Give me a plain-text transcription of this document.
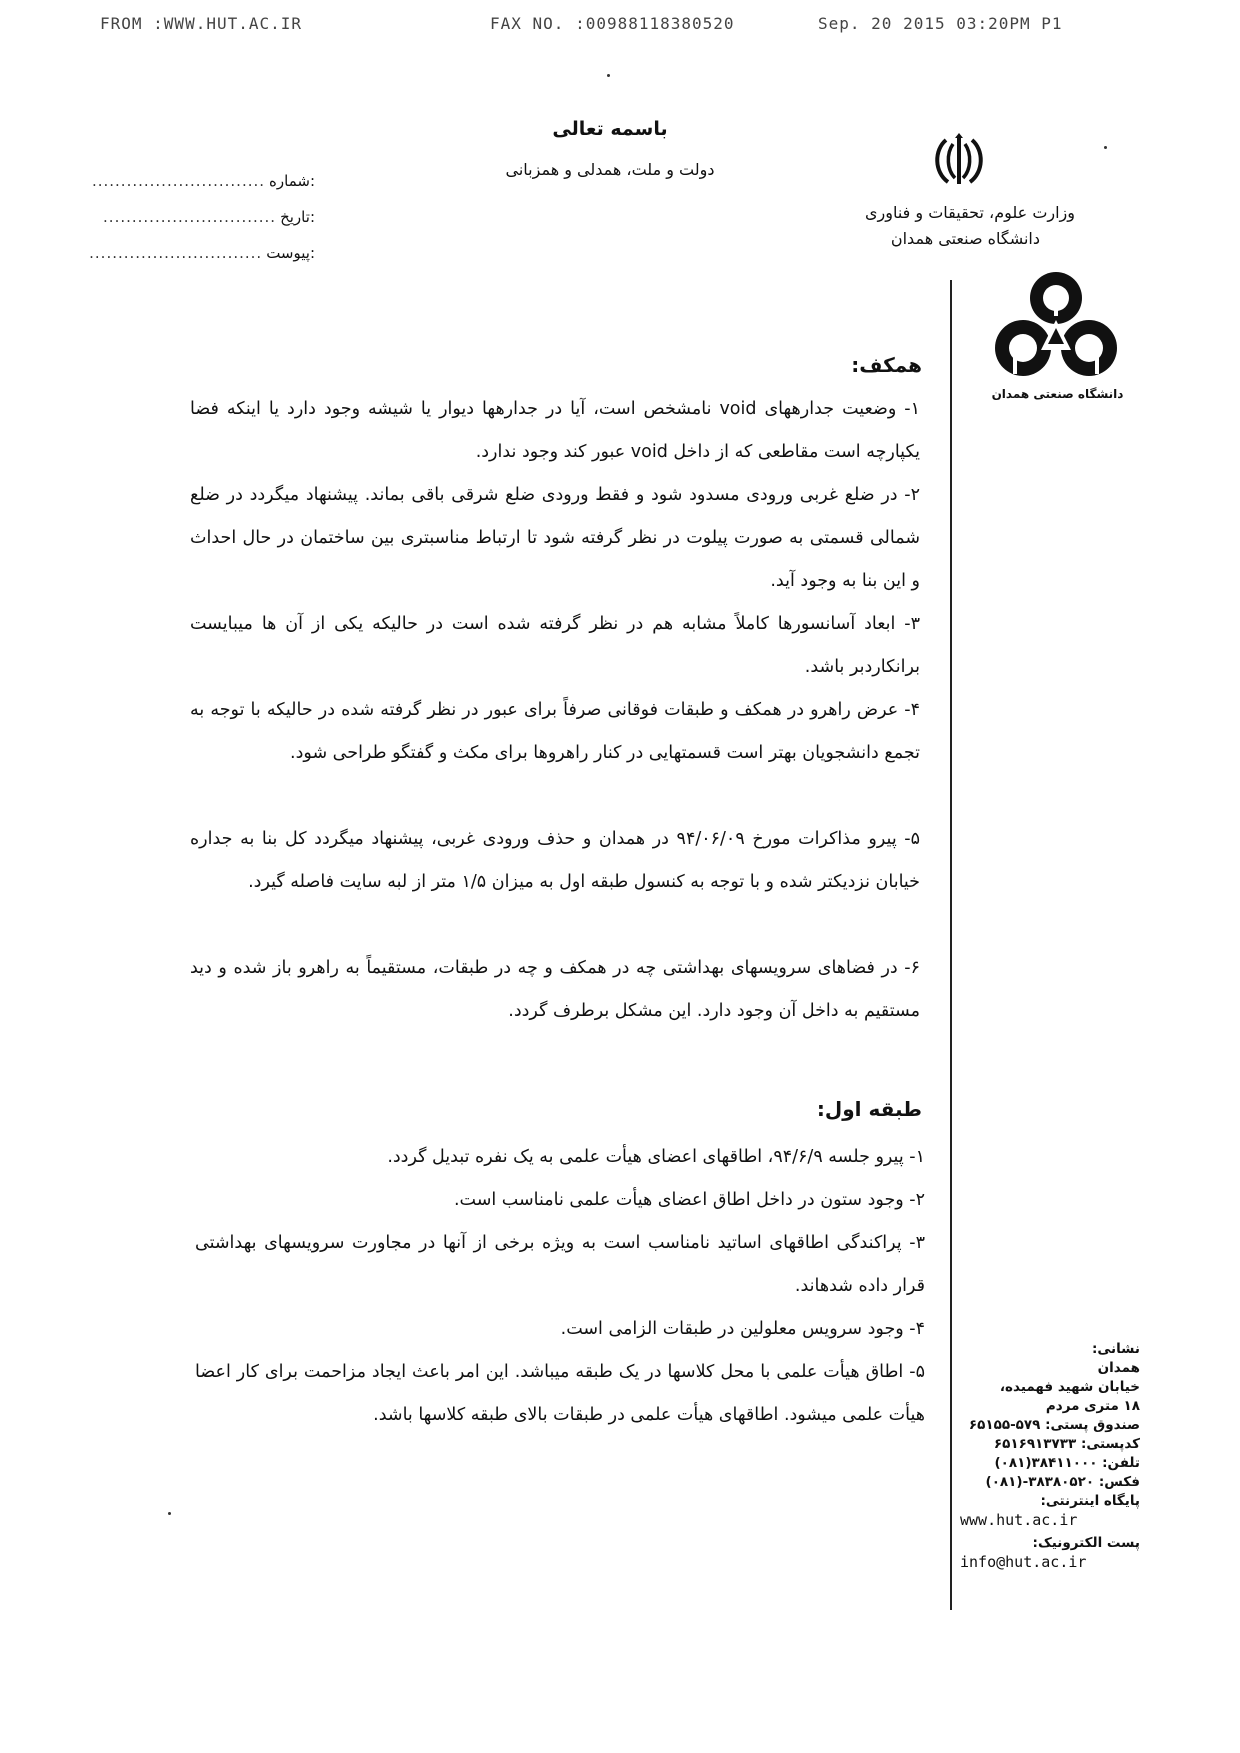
FROM :WWW.HUT.AC.IR	FAX NO. :00988118380520	Sep. 20 2015 03:20PM P1
باسمه تعالی
دولت و ملت، همدلی و همزبانی
وزارت علوم، تحقیقات و فناوری
دانشگاه صنعتی همدان
شماره:
..............................
تاریخ:
..............................
پیوست:
..............................
دانشگاه صنعتی همدان
همکف:
۱- وضعیت جدارههای void نامشخص است، آیا در جدارهها دیوار یا شیشه وجود دارد یا اینکه فضا یکپارچه است مقاطعی که از داخل void عبور کند وجود ندارد.
۲- در ضلع غربی ورودی مسدود شود و فقط ورودی ضلع شرقی باقی بماند. پیشنهاد میگردد در ضلع شمالی قسمتی به صورت پیلوت در نظر گرفته شود تا ارتباط مناسبتری بین ساختمان در حال احداث و این بنا به وجود آید.
۳- ابعاد آسانسورها کاملاً مشابه هم در نظر گرفته شده است در حالیکه یکی از آن ها میبایست برانکاردبر باشد.
۴- عرض راهرو در همکف و طبقات فوقانی صرفاً برای عبور در نظر گرفته شده در حالیکه با توجه به تجمع دانشجویان بهتر است قسمتهایی در کنار راهروها برای مکث و گفتگو طراحی شود.
۵- پیرو مذاکرات مورخ ۹۴/۰۶/۰۹ در همدان و حذف ورودی غربی، پیشنهاد میگردد کل بنا به جداره خیابان نزدیکتر شده و با توجه به کنسول طبقه اول به میزان ۱/۵ متر از لبه سایت فاصله گیرد.
۶- در فضاهای سرویسهای بهداشتی چه در همکف و چه در طبقات، مستقیماً به راهرو باز شده و دید مستقیم به داخل آن وجود دارد. این مشکل برطرف گردد.
طبقه اول:
۱- پیرو جلسه ۹۴/۶/۹، اطاقهای اعضای هیأت علمی به یک نفره تبدیل گردد.
۲- وجود ستون در داخل اطاق اعضای هیأت علمی نامناسب است.
۳- پراکندگی اطاقهای اساتید نامناسب است به ویژه برخی از آنها در مجاورت سرویسهای بهداشتی قرار داده شدهاند.
۴- وجود سرویس معلولین در طبقات الزامی است.
۵- اطاق هیأت علمی با محل کلاسها در یک طبقه میباشد. این امر باعث ایجاد مزاحمت برای کار اعضا هیأت علمی میشود. اطاقهای هیأت علمی در طبقات بالای طبقه کلاسها باشد.
نشانی:
همدان
خیابان شهید فهمیده،
۱۸ متری مردم
صندوق پستی: ۵۷۹-۶۵۱۵۵
کدپستی: ۶۵۱۶۹۱۳۷۳۳
تلفن: ۳۸۴۱۱۰۰۰(۰۸۱)
فکس: ۳۸۳۸۰۵۲۰-(۰۸۱)
پایگاه اینترنتی:
www.hut.ac.ir
پست الکترونیک:
info@hut.ac.ir
